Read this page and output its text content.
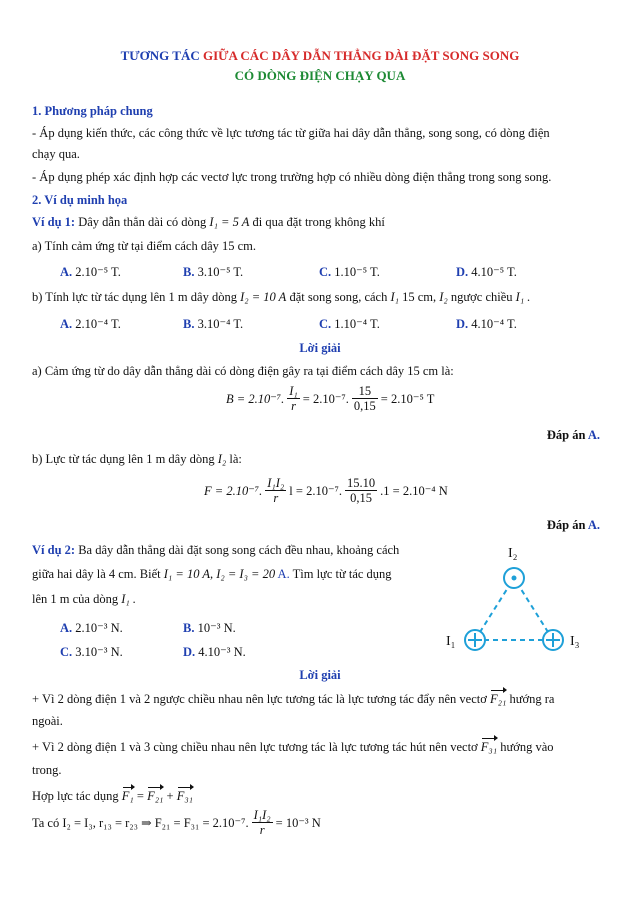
TƯƠNG TÁC GIỮA CÁC DÂY DẪN THẲNG DÀI ĐẶT SONG SONG
CÓ DÒNG ĐIỆN CHẠY QUA
1. Phương pháp chung
- Áp dụng kiến thức, các công thức về lực tương tác từ giữa hai dây dẫn thẳng, song song, có dòng điện
chạy qua.
- Áp dụng phép xác định hợp các vectơ lực trong trường hợp có nhiều dòng điện thẳng trong song song.
2. Ví dụ minh họa
Ví dụ 1: Dây dẫn thẳn dài có dòng I₁ = 5 A đi qua đặt trong không khí
a) Tính cảm ứng từ tại điểm cách dây 15 cm.
A. 2.10⁻⁵ T.	B. 3.10⁻⁵ T.	C. 1.10⁻⁵ T.	D. 4.10⁻⁵ T.
b) Tính lực từ tác dụng lên 1 m dây dòng I₂ = 10 A đặt song song, cách I₁ 15 cm, I₂ ngược chiều I₁ .
A. 2.10⁻⁴ T.	B. 3.10⁻⁴ T.	C. 1.10⁻⁴ T.	D. 4.10⁻⁴ T.
Lời giải
a) Cảm ứng từ do dây dẫn thẳng dài có dòng điện gây ra tại điểm cách dây 15 cm là:
B = 2.10⁻⁷. $\frac{\text{I₁}}{r} = 2.10^{-7}$. $\frac{15}{0,15} = 2.10^{-5}$ T
Đáp án A.
b) Lực từ tác dụng lên 1 m dây dòng I₂ là:
F = 2.10⁻⁷. $\frac{\text{I₁I₂}}{r}$ l = 2.10⁻⁷. $\frac{15.10}{0,15} .1 = 2.10^{-4}$ N
Đáp án A.
Ví dụ 2: Ba dây dẫn thẳng dài đặt song song cách đều nhau, khoảng cách
giữa hai dây là 4 cm. Biết I₁ = 10 A, I₂ = I₃ = 20 A. Tìm lực từ tác dụng
lên 1 m của dòng I₁ .
A. 2.10⁻³ N.	B. 10⁻³ N.
C. 3.10⁻³ N.	D. 4.10⁻³ N.
I₂
I₁	I₃
Lời giải
+ Vì 2 dòng điện 1 và 2 ngược chiều nhau nên lực tương tác là lực tương tác đẩy nên vectơ F₂₁ hướng ra
ngoài.
+ Vì 2 dòng điện 1 và 3 cùng chiều nhau nên lực tương tác là lực tương tác hút nên vectơ F₃₁ hướng vào
trong.
Hợp lực tác dụng F₁ = F₂₁ + F₃₁
Ta có I₂ = I₃, r₁₃ = r₂₃ ⇒ F₂₁ = F₃₁ = 2.10⁻⁷. $\frac{\text{I₁I₂}}{r} = 10^{-3}$ N
